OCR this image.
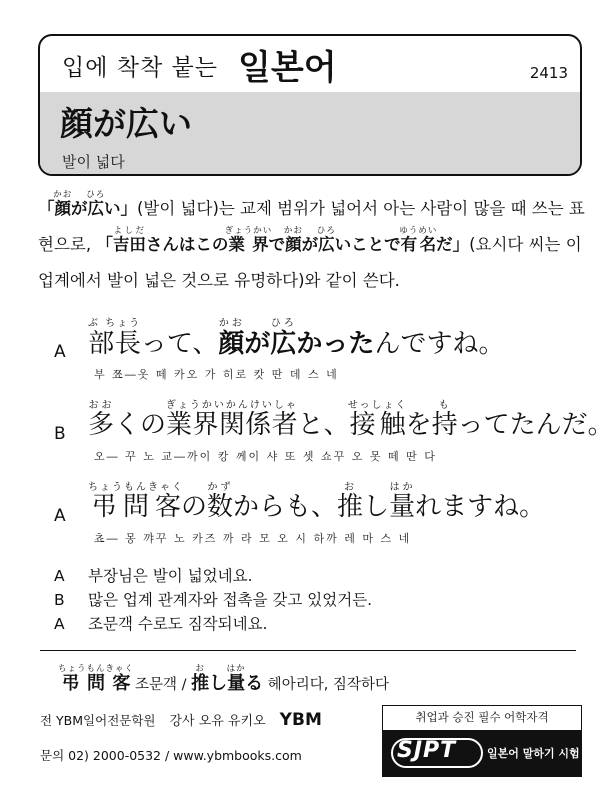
입에 착착 붙는 일본어	2413
顔が広い
발이 넓다
「顔かおが広ひろい」(발이 넓다)는 교제 범위가 넓어서 아는 사람이 많을 때 쓰는 표현으로, 「吉田よしださんはこの業界ぎょうかいで顔かおが広ひろいことで有名ゆうめいだ」(요시다 씨는 이 업계에서 발이 넓은 것으로 유명하다)와 같이 쓴다.
A 部長ぶ ちょうって、顔かおが広ひろかったんですね。
부 쬬―옷 떼 카오 가 히로 캇 딴 데 스 네
B 多おおくの業界関係者ぎょうかいかんけいしゃと、接触せっしょくを持もってたんだ。
오― 꾸 노 교―까이 캉 께이 샤 또 셋 쇼꾸 오 못 떼 딴 다
A 弔問客ちょうもんきゃくの数かずからも、推おし量はかれますね。
쵸― 몽 꺄꾸 노 카즈 까 라 모 오 시 하까 레 마 스 네
A 부장님은 발이 넓었네요.
B 많은 업계 관계자와 접촉을 갖고 있었거든.
A 조문객 수로도 짐작되네요.
弔問客ちょうもんきゃく 조문객 / 推おし量はかる 헤아리다, 짐작하다
전 YBM일어전문학원 강사 오유 유키오 YBM
문의 02) 2000-0532 / www.ybmbooks.com
취업과 승진 필수 어학자격
SJPT	일본어 말하기 시험
